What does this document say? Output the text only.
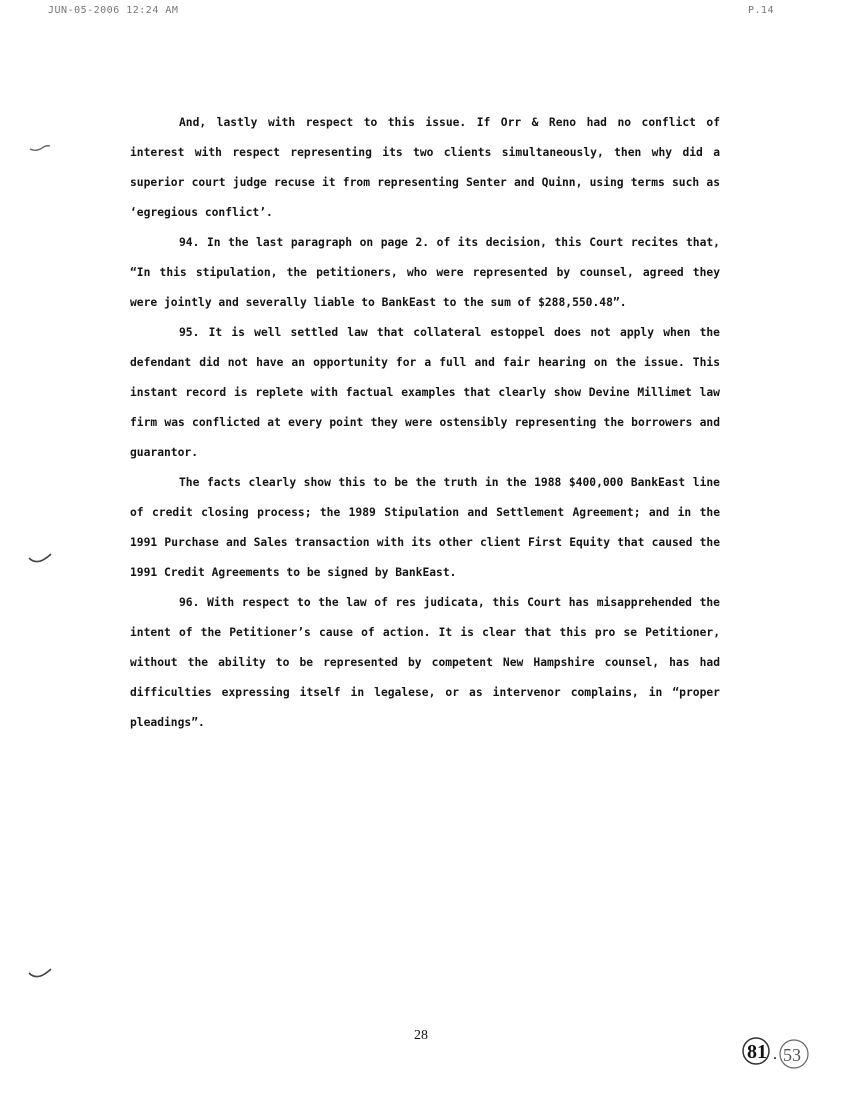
JUN-05-2006 12:24 AM	P.14

And, lastly with respect to this issue. If Orr & Reno had no conflict of interest with respect representing its two clients simultaneously, then why did a superior court judge recuse it from representing Senter and Quinn, using terms such as ‘egregious conflict’.

94. In the last paragraph on page 2. of its decision, this Court recites that, “In this stipulation, the petitioners, who were represented by counsel, agreed they were jointly and severally liable to BankEast to the sum of $288,550.48”.

95. It is well settled law that collateral estoppel does not apply when the defendant did not have an opportunity for a full and fair hearing on the issue. This instant record is replete with factual examples that clearly show Devine Millimet law firm was conflicted at every point they were ostensibly representing the borrowers and guarantor.

The facts clearly show this to be the truth in the 1988 $400,000 BankEast line of credit closing process; the 1989 Stipulation and Settlement Agreement; and in the 1991 Purchase and Sales transaction with its other client First Equity that caused the 1991 Credit Agreements to be signed by BankEast.

96. With respect to the law of res judicata, this Court has misapprehended the intent of the Petitioner’s cause of action. It is clear that this pro se Petitioner, without the ability to be represented by competent New Hampshire counsel, has had difficulties expressing itself in legalese, or as intervenor complains, in “proper pleadings”.

28
81 . 53
